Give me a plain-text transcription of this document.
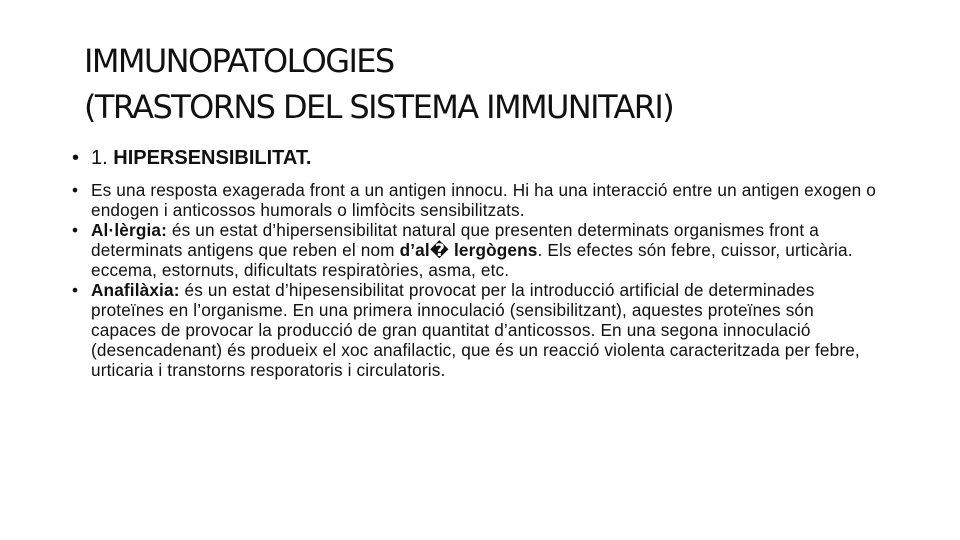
IMMUNOPATOLOGIES
(TRASTORNS DEL SISTEMA IMMUNITARI)

• 1. HIPERSENSIBILITAT.

• Es una resposta exagerada front a un antigen innocu. Hi ha una interacció entre un antigen exogen o endogen i anticossos humorals o limfòcits sensibilitzats.
• Al·lèrgia: és un estat d’hipersensibilitat natural que presenten determinats organismes front a determinats antigens que reben el nom d’al� lergògens. Els efectes són febre, cuissor, urticària. eccema, estornuts, dificultats respiratòries, asma, etc.
• Anafilàxia: és un estat d’hipesensibilitat provocat per la introducció artificial de determinades proteïnes en l’organisme. En una primera innoculació (sensibilitzant), aquestes proteïnes són capaces de provocar la producció de gran quantitat d’anticossos. En una segona innoculació (desencadenant) és produeix el xoc anafilactic, que és un reacció violenta caracteritzada per febre, urticaria i transtorns resporatoris i circulatoris.
